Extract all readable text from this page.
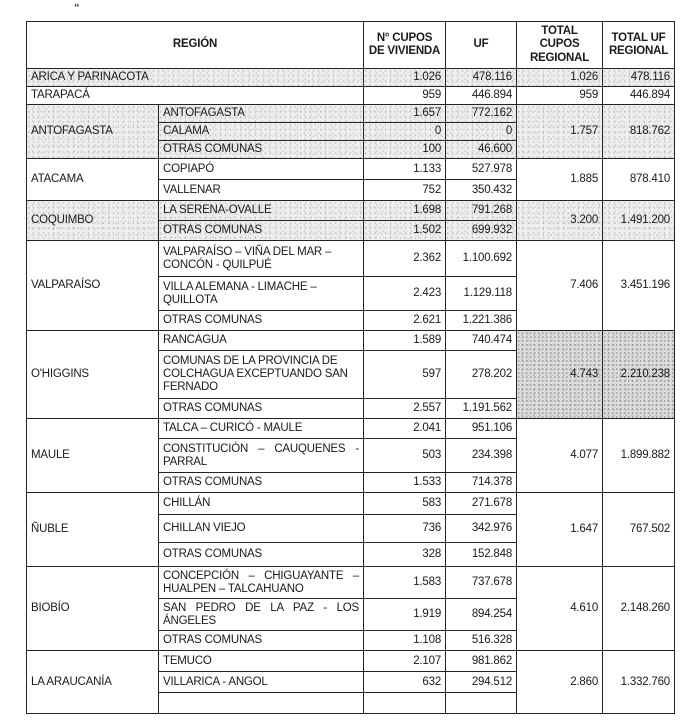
“
REGIÓN		N° CUPOS DE VIVIENDA	UF	TOTAL CUPOS REGIONAL	TOTAL UF REGIONAL
ARICA Y PARINACOTA		1.026	478.116	1.026	478.116
TARAPACÁ		959	446.894	959	446.894
ANTOFAGASTA	ANTOFAGASTA	1.657	772.162	1.757	818.762
	CALAMA	0	0		
	OTRAS COMUNAS	100	46.600		
ATACAMA	COPIAPÓ	1.133	527.978	1.885	878.410
	VALLENAR	752	350.432		
COQUIMBO	LA SERENA-OVALLE	1.698	791.268	3.200	1.491.200
	OTRAS COMUNAS	1.502	699.932		
VALPARAÍSO	VALPARAÍSO – VIÑA DEL MAR – CONCÓN - QUILPUÉ	2.362	1.100.692	7.406	3.451.196
	VILLA ALEMANA - LIMACHE – QUILLOTA	2.423	1.129.118		
	OTRAS COMUNAS	2.621	1.221.386		
O'HIGGINS	RANCAGUA	1.589	740.474	4.743	2.210.238
	COMUNAS DE LA PROVINCIA DE COLCHAGUA EXCEPTUANDO SAN FERNADO	597	278.202		
	OTRAS COMUNAS	2.557	1.191.562		
MAULE	TALCA – CURICÓ - MAULE	2.041	951.106	4.077	1.899.882
	CONSTITUCIÓN – CAUQUENES - PARRAL	503	234.398		
	OTRAS COMUNAS	1.533	714.378		
ÑUBLE	CHILLÁN	583	271.678	1.647	767.502
	CHILLAN VIEJO	736	342.976		
	OTRAS COMUNAS	328	152.848		
BIOBÍO	CONCEPCIÓN – CHIGUAYANTE – HUALPEN – TALCAHUANO	1.583	737.678	4.610	2.148.260
	SAN PEDRO DE LA PAZ - LOS ÁNGELES	1.919	894.254		
	OTRAS COMUNAS	1.108	516.328		
LA ARAUCANÍA	TEMUCO	2.107	981.862	2.860	1.332.760
	VILLARICA - ANGOL	632	294.512		
